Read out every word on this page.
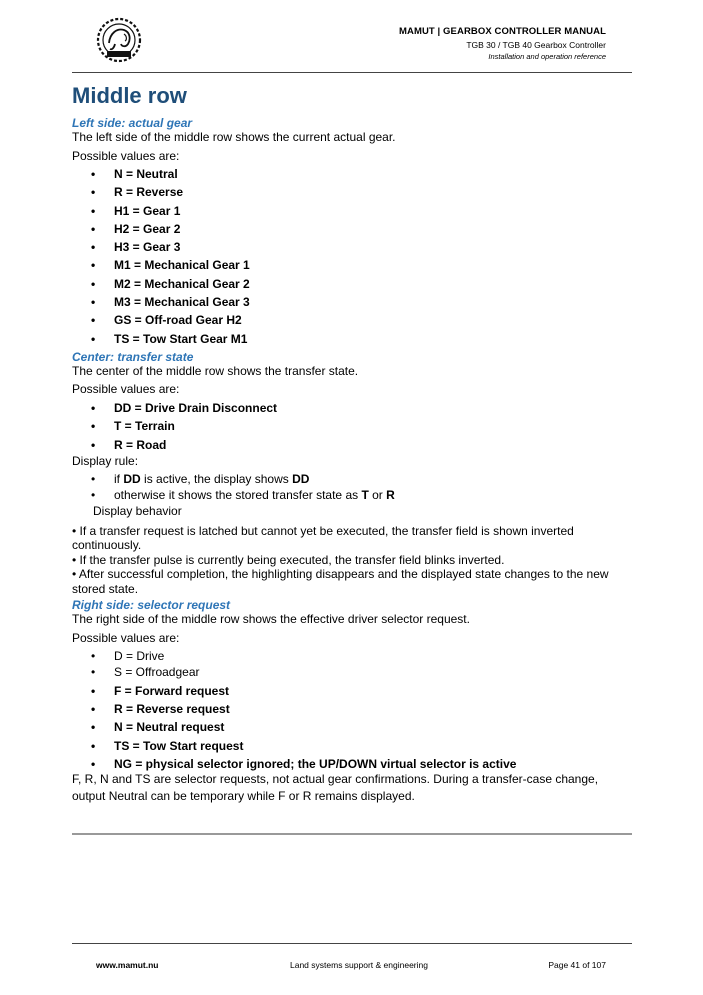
MAMUT | GEARBOX CONTROLLER MANUAL
TGB 30 / TGB 40 Gearbox Controller
Installation and operation reference
Middle row
Left side: actual gear

The left side of the middle row shows the current actual gear.

Possible values are:

• N = Neutral
• R = Reverse
• H1 = Gear 1
• H2 = Gear 2
• H3 = Gear 3
• M1 = Mechanical Gear 1
• M2 = Mechanical Gear 2
• M3 = Mechanical Gear 3
• GS = Off-road Gear H2
• TS = Tow Start Gear M1
Center: transfer state

The center of the middle row shows the transfer state.

Possible values are:

• DD = Drive Drain Disconnect
• T = Terrain
• R = Road

Display rule:

• if DD is active, the display shows DD
• otherwise it shows the stored transfer state as T or R

Display behavior

• If a transfer request is latched but cannot yet be executed, the transfer field is shown inverted continuously.

• If the transfer pulse is currently being executed, the transfer field blinks inverted.

• After successful completion, the highlighting disappears and the displayed state changes to the new stored state.

Right side: selector request

The right side of the middle row shows the effective driver selector request.

Possible values are:

• D = Drive
• S = Offroadgear
• F = Forward request
• R = Reverse request
• N = Neutral request
• TS = Tow Start request
• NG = physical selector ignored; the UP/DOWN virtual selector is active

F, R, N and TS are selector requests, not actual gear confirmations. During a transfer-case change, output Neutral can be temporary while F or R remains displayed.

www.mamut.nu	Land systems support & engineering	Page 41 of 107
